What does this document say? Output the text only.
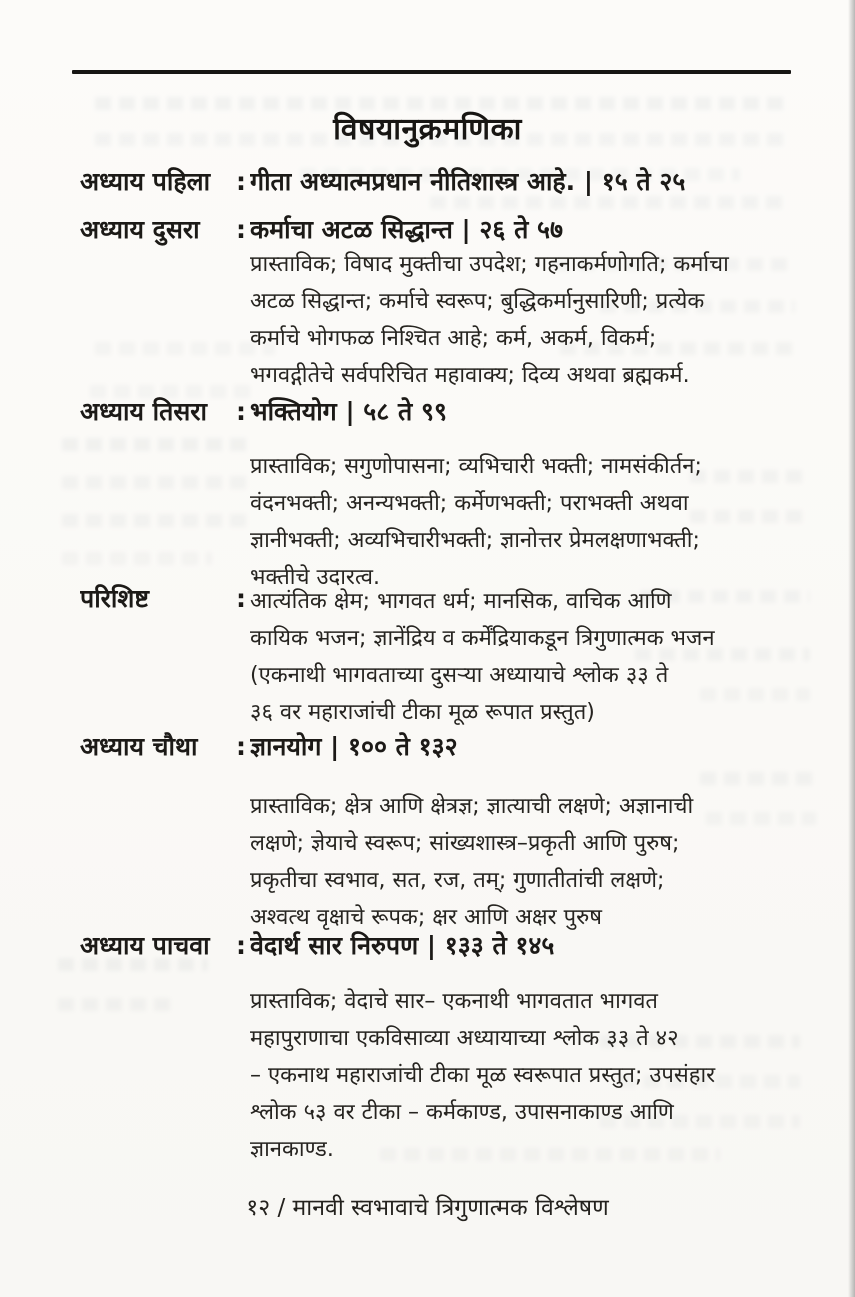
विषयानुक्रमणिका
अध्याय पहिला	: गीता अध्यात्मप्रधान नीतिशास्त्र आहे. | १५ ते २५
अध्याय दुसरा	: कर्माचा अटळ सिद्धान्त | २६ ते ५७
प्रास्ताविक; विषाद मुक्तीचा उपदेश; गहनाकर्मणोगति; कर्माचा
अटळ सिद्धान्त; कर्माचे स्वरूप; बुद्धिकर्मानुसारिणी; प्रत्येक
कर्माचे भोगफळ निश्चित आहे; कर्म, अकर्म, विकर्म;
भगवद्गीतेचे सर्वपरिचित महावाक्य; दिव्य अथवा ब्रह्मकर्म.
अध्याय तिसरा	: भक्तियोग | ५८ ते ९९
प्रास्ताविक; सगुणोपासना; व्यभिचारी भक्ती; नामसंकीर्तन;
वंदनभक्ती; अनन्यभक्ती; कर्मेणभक्ती; पराभक्ती अथवा
ज्ञानीभक्ती; अव्यभिचारीभक्ती; ज्ञानोत्तर प्रेमलक्षणाभक्ती;
भक्तीचे उदारत्व.
परिशिष्ट	: आत्यंतिक क्षेम; भागवत धर्म; मानसिक, वाचिक आणि
कायिक भजन; ज्ञानेंद्रिय व कर्मेंद्रियाकडून त्रिगुणात्मक भजन
(एकनाथी भागवताच्या दुसऱ्या अध्यायाचे श्लोक ३३ ते
३६ वर महाराजांची टीका मूळ रूपात प्रस्तुत)
अध्याय चौथा	: ज्ञानयोग | १०० ते १३२
प्रास्ताविक; क्षेत्र आणि क्षेत्रज्ञ; ज्ञात्याची लक्षणे; अज्ञानाची
लक्षणे; ज्ञेयाचे स्वरूप; सांख्यशास्त्र–प्रकृती आणि पुरुष;
प्रकृतीचा स्वभाव, सत, रज, तम्; गुणातीतांची लक्षणे;
अश्वत्थ वृक्षाचे रूपक; क्षर आणि अक्षर पुरुष
अध्याय पाचवा	: वेदार्थ सार निरुपण | १३३ ते १४५
प्रास्ताविक; वेदाचे सार– एकनाथी भागवतात भागवत
महापुराणाचा एकविसाव्या अध्यायाच्या श्लोक ३३ ते ४२
– एकनाथ महाराजांची टीका मूळ स्वरूपात प्रस्तुत; उपसंहार
श्लोक ५३ वर टीका – कर्मकाण्ड, उपासनाकाण्ड आणि
ज्ञानकाण्ड.
१२ / मानवी स्वभावाचे त्रिगुणात्मक विश्लेषण
